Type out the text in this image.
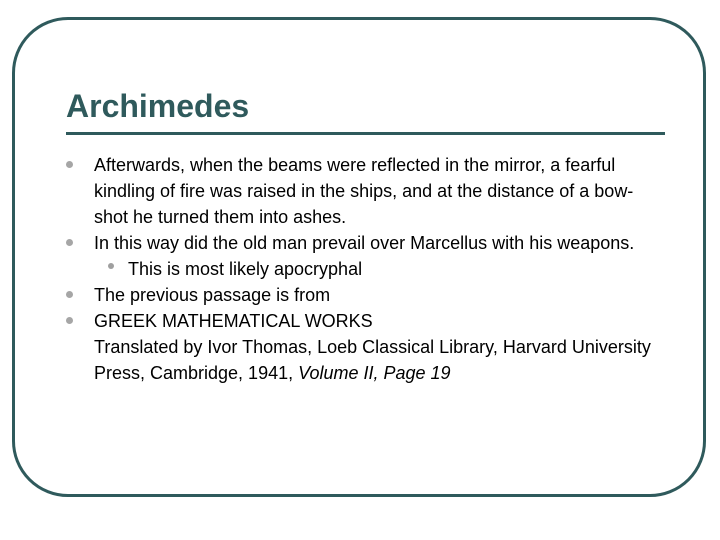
Archimedes
Afterwards, when the beams were reflected in the mirror, a fearful kindling of fire was raised in the ships, and at the distance of a bow-shot he turned them into ashes.
In this way did the old man prevail over Marcellus with his weapons.
This is most likely apocryphal
The previous passage is from
GREEK MATHEMATICAL WORKS
Translated by Ivor Thomas, Loeb Classical Library, Harvard University Press, Cambridge, 1941, Volume II, Page 19
